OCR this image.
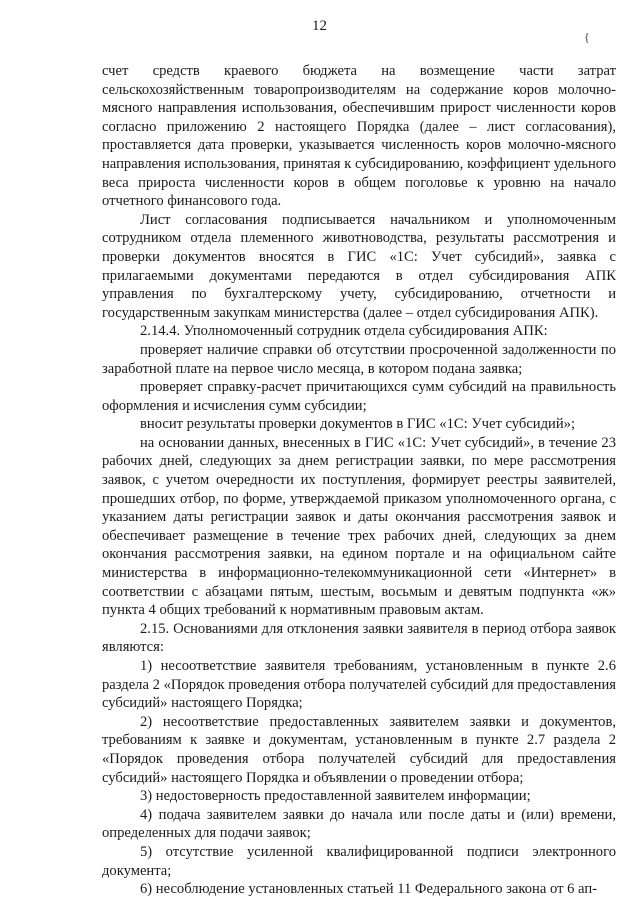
12
{

счет средств краевого бюджета на возмещение части затрат сельскохозяйственным товаропроизводителям на содержание коров молочно-мясного направления использования, обеспечившим прирост численности коров согласно приложению 2 настоящего Порядка (далее – лист согласования), проставляется дата проверки, указывается численность коров молочно-мясного направления использования, принятая к субсидированию, коэффициент удельного веса прироста численности коров в общем поголовье к уровню на начало отчетного финансового года.

Лист согласования подписывается начальником и уполномоченным сотрудником отдела племенного животноводства, результаты рассмотрения и проверки документов вносятся в ГИС «1С: Учет субсидий», заявка с прилагаемыми документами передаются в отдел субсидирования АПК управления по бухгалтерскому учету, субсидированию, отчетности и государственным закупкам министерства (далее – отдел субсидирования АПК).

2.14.4. Уполномоченный сотрудник отдела субсидирования АПК:

проверяет наличие справки об отсутствии просроченной задолженности по заработной плате на первое число месяца, в котором подана заявка;

проверяет справку-расчет причитающихся сумм субсидий на правильность оформления и исчисления сумм субсидии;

вносит результаты проверки документов в ГИС «1С: Учет субсидий»;

на основании данных, внесенных в ГИС «1С: Учет субсидий», в течение 23 рабочих дней, следующих за днем регистрации заявки, по мере рассмотрения заявок, с учетом очередности их поступления, формирует реестры заявителей, прошедших отбор, по форме, утверждаемой приказом уполномоченного органа, с указанием даты регистрации заявок и даты окончания рассмотрения заявок и обеспечивает размещение в течение трех рабочих дней, следующих за днем окончания рассмотрения заявки, на едином портале и на официальном сайте министерства в информационно-телекоммуникационной сети «Интернет» в соответствии с абзацами пятым, шестым, восьмым и девятым подпункта «ж» пункта 4 общих требований к нормативным правовым актам.

2.15. Основаниями для отклонения заявки заявителя в период отбора заявок являются:

1) несоответствие заявителя требованиям, установленным в пункте 2.6 раздела 2 «Порядок проведения отбора получателей субсидий для предоставления субсидий» настоящего Порядка;

2) несоответствие предоставленных заявителем заявки и документов, требованиям к заявке и документам, установленным в пункте 2.7 раздела 2 «Порядок проведения отбора получателей субсидий для предоставления субсидий» настоящего Порядка и объявлении о проведении отбора;

3) недостоверность предоставленной заявителем информации;

4) подача заявителем заявки до начала или после даты и (или) времени, определенных для подачи заявок;

5) отсутствие усиленной квалифицированной подписи электронного документа;

6) несоблюдение установленных статьей 11 Федерального закона от 6 ап-
